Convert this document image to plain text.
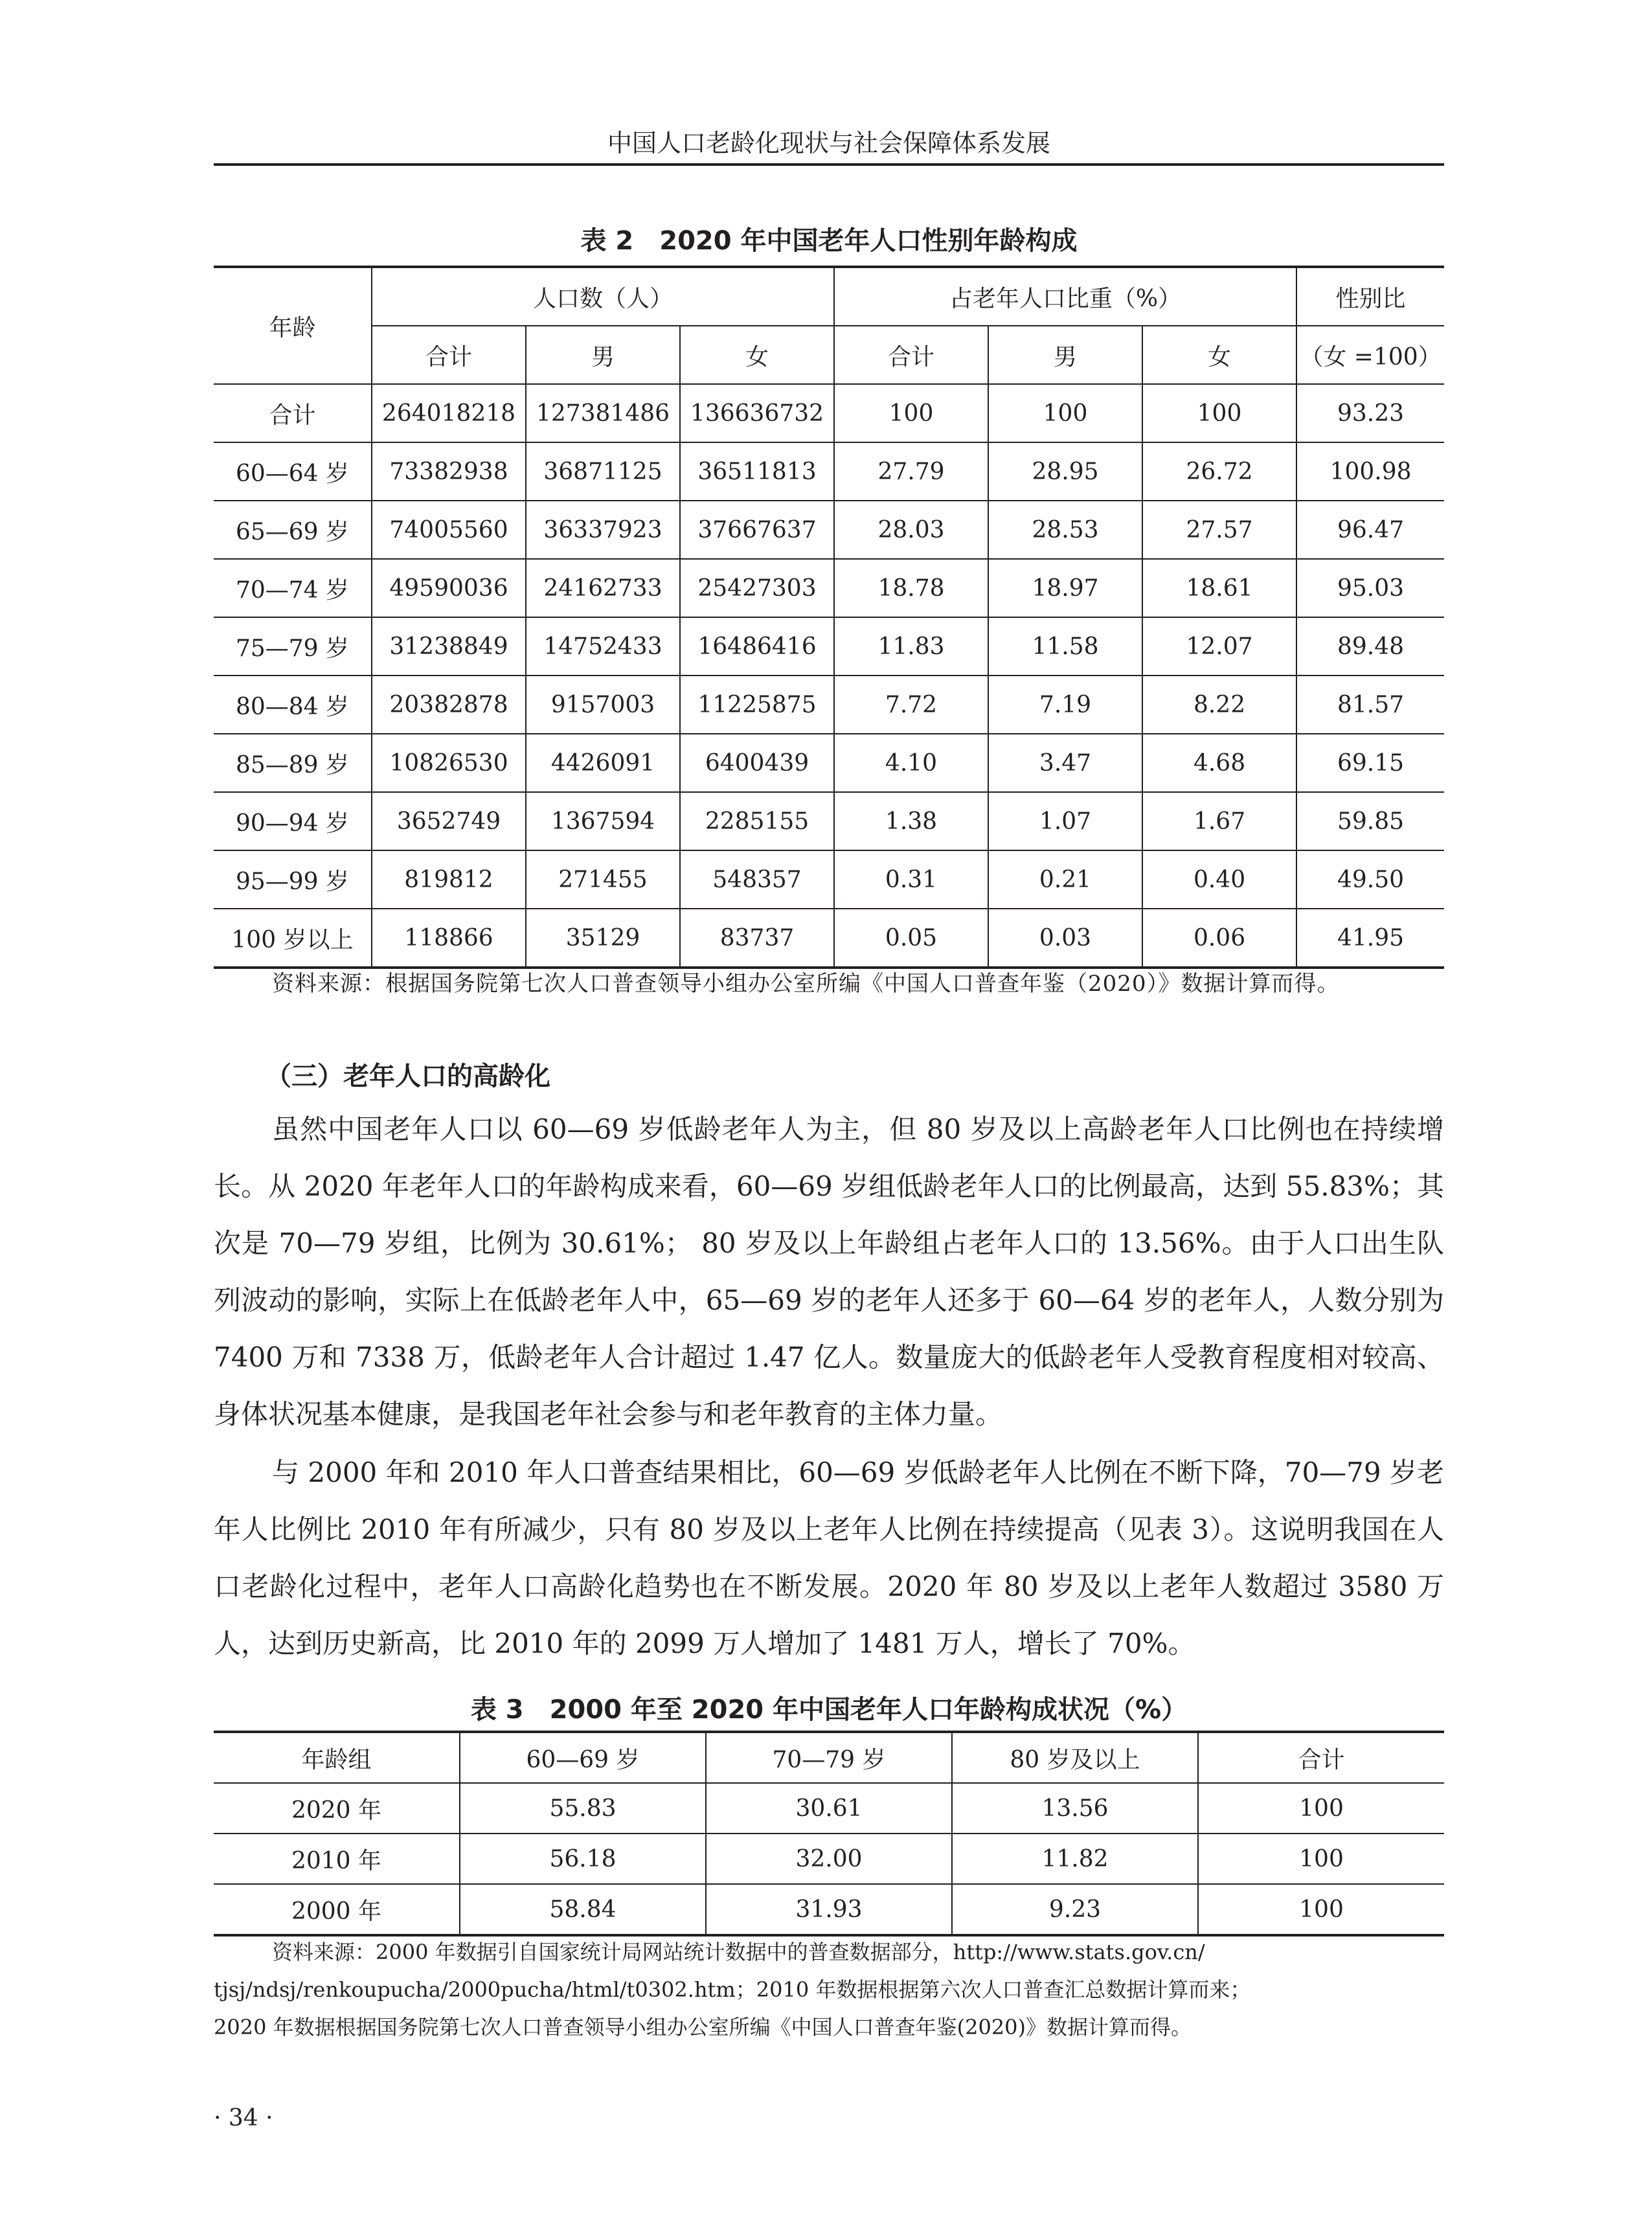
中国人口老龄化现状与社会保障体系发展
表 2　2020 年中国老年人口性别年龄构成
年龄	人口数（人）			占老年人口比重（%）			性别比
	合计	男	女	合计	男	女	（女 =100）
合计	264018218	127381486	136636732	100	100	100	93.23
60—64 岁	73382938	36871125	36511813	27.79	28.95	26.72	100.98
65—69 岁	74005560	36337923	37667637	28.03	28.53	27.57	96.47
70—74 岁	49590036	24162733	25427303	18.78	18.97	18.61	95.03
75—79 岁	31238849	14752433	16486416	11.83	11.58	12.07	89.48
80—84 岁	20382878	9157003	11225875	7.72	7.19	8.22	81.57
85—89 岁	10826530	4426091	6400439	4.10	3.47	4.68	69.15
90—94 岁	3652749	1367594	2285155	1.38	1.07	1.67	59.85
95—99 岁	819812	271455	548357	0.31	0.21	0.40	49.50
100 岁以上	118866	35129	83737	0.05	0.03	0.06	41.95
资料来源：根据国务院第七次人口普查领导小组办公室所编《中国人口普查年鉴（2020）》数据计算而得。
（三）老年人口的高龄化

虽然中国老年人口以 60—69 岁低龄老年人为主，但 80 岁及以上高龄老年人口比例也在持续增长。从 2020 年老年人口的年龄构成来看，60—69 岁组低龄老年人口的比例最高，达到 55.83%；其次是 70—79 岁组，比例为 30.61%； 80 岁及以上年龄组占老年人口的 13.56%。由于人口出生队列波动的影响，实际上在低龄老年人中，65—69 岁的老年人还多于 60—64 岁的老年人，人数分别为 7400 万和 7338 万，低龄老年人合计超过 1.47 亿人。数量庞大的低龄老年人受教育程度相对较高、身体状况基本健康，是我国老年社会参与和老年教育的主体力量。

与 2000 年和 2010 年人口普查结果相比，60—69 岁低龄老年人比例在不断下降，70—79 岁老年人比例比 2010 年有所减少，只有 80 岁及以上老年人比例在持续提高（见表 3）。这说明我国在人口老龄化过程中，老年人口高龄化趋势也在不断发展。2020 年 80 岁及以上老年人数超过 3580 万人，达到历史新高，比 2010 年的 2099 万人增加了 1481 万人，增长了 70%。

表 3　2000 年至 2020 年中国老年人口年龄构成状况（%）
年龄组	60—69 岁	70—79 岁	80 岁及以上	合计
2020 年	55.83	30.61	13.56	100
2010 年	56.18	32.00	11.82	100
2000 年	58.84	31.93	9.23	100
资料来源：2000 年数据引自国家统计局网站统计数据中的普查数据部分，http://www.stats.gov.cn/
tjsj/ndsj/renkoupucha/2000pucha/html/t0302.htm；2010 年数据根据第六次人口普查汇总数据计算而来；
2020 年数据根据国务院第七次人口普查领导小组办公室所编《中国人口普查年鉴(2020)》数据计算而得。
· 34 ·
